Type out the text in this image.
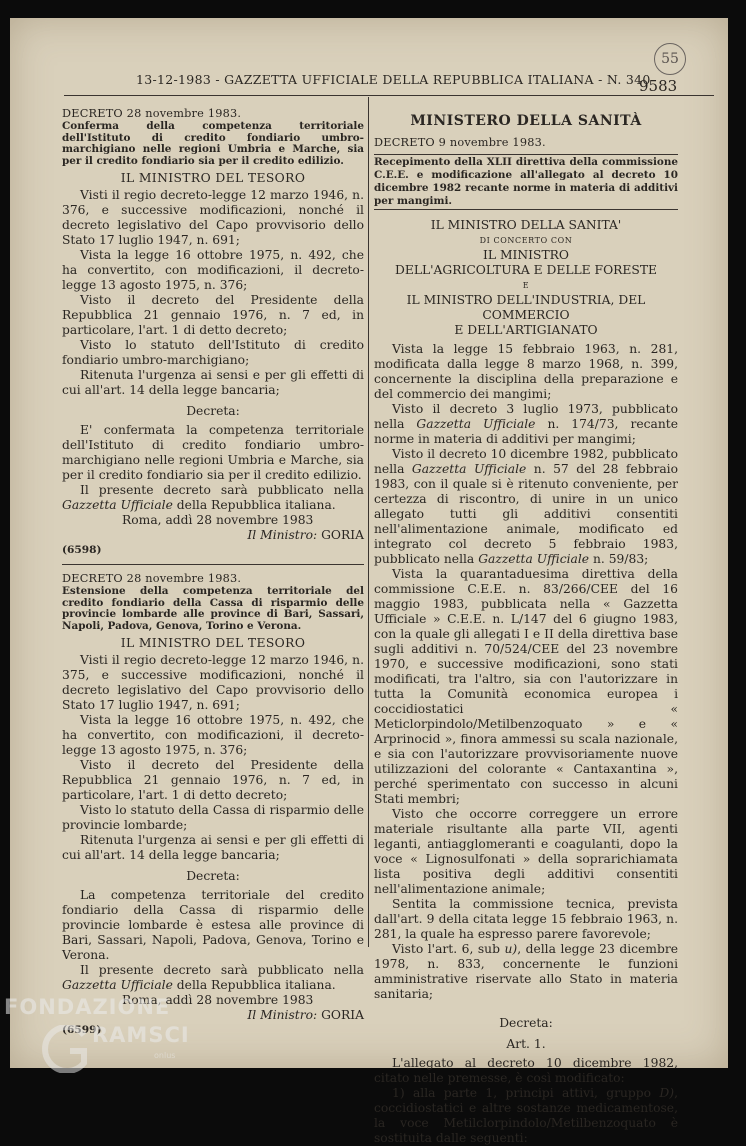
55
13-12-1983 - GAZZETTA UFFICIALE DELLA REPUBBLICA ITALIANA - N. 340
9583

DECRETO 28 novembre 1983.

Conferma della competenza territoriale dell'Istituto di credito fondiario umbro-marchigiano nelle regioni Umbria e Marche, sia per il credito fondiario sia per il credito edilizio.

IL MINISTRO DEL TESORO

Visti il regio decreto-legge 12 marzo 1946, n. 376, e successive modificazioni, nonché il decreto legislativo del Capo provvisorio dello Stato 17 luglio 1947, n. 691;

Vista la legge 16 ottobre 1975, n. 492, che ha convertito, con modificazioni, il decreto-legge 13 agosto 1975, n. 376;

Visto il decreto del Presidente della Repubblica 21 gennaio 1976, n. 7 ed, in particolare, l'art. 1 di detto decreto;

Visto lo statuto dell'Istituto di credito fondiario umbro-marchigiano;

Ritenuta l'urgenza ai sensi e per gli effetti di cui all'art. 14 della legge bancaria;

Decreta:

E' confermata la competenza territoriale dell'Istituto di credito fondiario umbro-marchigiano nelle regioni Umbria e Marche, sia per il credito fondiario sia per il credito edilizio.

Il presente decreto sarà pubblicato nella Gazzetta Ufficiale della Repubblica italiana.

Roma, addì 28 novembre 1983

Il Ministro: GORIA

(6598)

DECRETO 28 novembre 1983.

Estensione della competenza territoriale del credito fondiario della Cassa di risparmio delle provincie lombarde alle province di Bari, Sassari, Napoli, Padova, Genova, Torino e Verona.

IL MINISTRO DEL TESORO

Visti il regio decreto-legge 12 marzo 1946, n. 375, e successive modificazioni, nonché il decreto legislativo del Capo provvisorio dello Stato 17 luglio 1947, n. 691;

Vista la legge 16 ottobre 1975, n. 492, che ha convertito, con modificazioni, il decreto-legge 13 agosto 1975, n. 376;

Visto il decreto del Presidente della Repubblica 21 gennaio 1976, n. 7 ed, in particolare, l'art. 1 di detto decreto;

Visto lo statuto della Cassa di risparmio delle provincie lombarde;

Ritenuta l'urgenza ai sensi e per gli effetti di cui all'art. 14 della legge bancaria;

Decreta:

La competenza territoriale del credito fondiario della Cassa di risparmio delle provincie lombarde è estesa alle province di Bari, Sassari, Napoli, Padova, Genova, Torino e Verona.

Il presente decreto sarà pubblicato nella Gazzetta Ufficiale della Repubblica italiana.

Roma, addì 28 novembre 1983

Il Ministro: GORIA

(6599)

MINISTERO DELLA SANITÀ

DECRETO 9 novembre 1983.

Recepimento della XLII direttiva della commissione C.E.E. e modificazione all'allegato al decreto 10 dicembre 1982 recante norme in materia di additivi per mangimi.

IL MINISTRO DELLA SANITA'

DI CONCERTO CON

IL MINISTRO

DELL'AGRICOLTURA E DELLE FORESTE

E

IL MINISTRO DELL'INDUSTRIA, DEL COMMERCIO

E DELL'ARTIGIANATO

Vista la legge 15 febbraio 1963, n. 281, modificata dalla legge 8 marzo 1968, n. 399, concernente la disciplina della preparazione e del commercio dei mangimi;

Visto il decreto 3 luglio 1973, pubblicato nella Gazzetta Ufficiale n. 174/73, recante norme in materia di additivi per mangimi;

Visto il decreto 10 dicembre 1982, pubblicato nella Gazzetta Ufficiale n. 57 del 28 febbraio 1983, con il quale si è ritenuto conveniente, per certezza di riscontro, di unire in un unico allegato tutti gli additivi consentiti nell'alimentazione animale, modificato ed integrato col decreto 5 febbraio 1983, pubblicato nella Gazzetta Ufficiale n. 59/83;

Vista la quarantaduesima direttiva della commissione C.E.E. n. 83/266/CEE del 16 maggio 1983, pubblicata nella « Gazzetta Ufficiale » C.E.E. n. L/147 del 6 giugno 1983, con la quale gli allegati I e II della direttiva base sugli additivi n. 70/524/CEE del 23 novembre 1970, e successive modificazioni, sono stati modificati, tra l'altro, sia con l'autorizzare in tutta la Comunità economica europea i coccidiostatici « Meticlorpindolo/Metilbenzoquato » e « Arprinocid », finora ammessi su scala nazionale, e sia con l'autorizzare provvisoriamente nuove utilizzazioni del colorante « Cantaxantina », perché sperimentato con successo in alcuni Stati membri;

Visto che occorre correggere un errore materiale risultante alla parte VII, agenti leganti, antiagglomeranti e coagulanti, dopo la voce « Lignosulfonati » della soprarichiamata lista positiva degli additivi consentiti nell'alimentazione animale;

Sentita la commissione tecnica, prevista dall'art. 9 della citata legge 15 febbraio 1963, n. 281, la quale ha espresso parere favorevole;

Visto l'art. 6, sub u), della legge 23 dicembre 1978, n. 833, concernente le funzioni amministrative riservate allo Stato in materia sanitaria;

Decreta:

Art. 1.

L'allegato al decreto 10 dicembre 1982, citato nelle premesse, è così modificato:

1) alla parte 1, principi attivi, gruppo D), coccidiostatici e altre sostanze medicamentose, la voce Metilclorpindolo/Metilbenzoquato è sostituita dalle seguenti:

FONDAZIONE
RAMSCI
onlus
